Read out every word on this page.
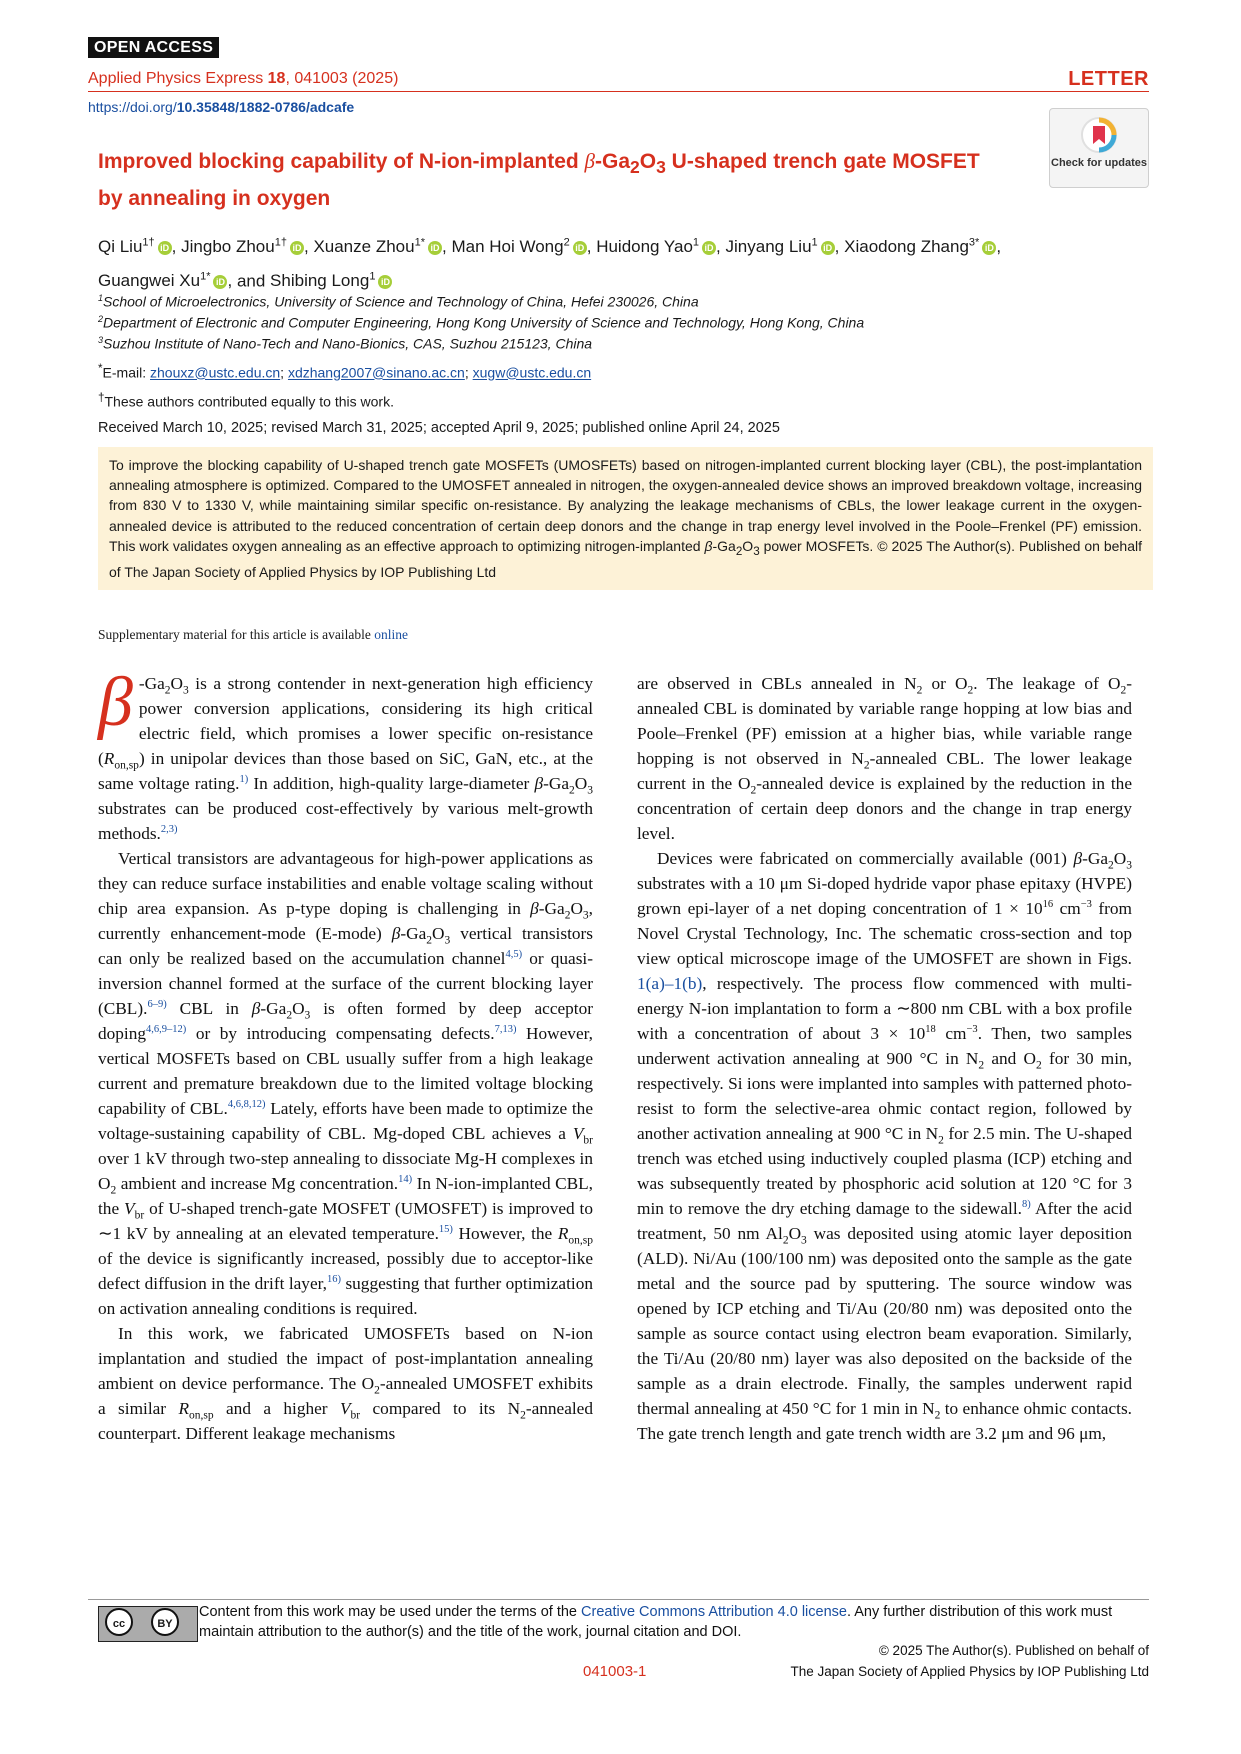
OPEN ACCESS
Applied Physics Express 18, 041003 (2025)	LETTER
https://doi.org/10.35848/1882-0786/adcafe
Check for updates
Improved blocking capability of N-ion-implanted $\beta-Ga_2O_3$ U-shaped trench gate MOSFET by annealing in oxygen
Qi Liu$^{1\dagger}$ iD , Jingbo Zhou$^{1\dagger}$ iD , Xuanze Zhou$^{1*}$ iD , Man Hoi Wong$^2$ iD , Huidong Yao$^1$ iD , Jinyang Liu$^1$ iD , Xiaodong Zhang$^{3*}$ iD ,
Guangwei $Xu^{1*}$ iD , and Shibing Long$^1$ iD
$^1$School of Microelectronics, University of Science and Technology of China, Hefei 230026, China
$^2$Department of Electronic and Computer Engineering, Hong Kong University of Science and Technology, Hong Kong, China
$^3$Suzhou Institute of Nano-Tech and Nano-Bionics, CAS, Suzhou 215123, China
*E-mail: zhouxz@ustc.edu.cn; xdzhang2007@sinano.ac.cn; xugw@ustc.edu.cn
†These authors contributed equally to this work.
Received March 10, 2025; revised March 31, 2025; accepted April 9, 2025; published online April 24, 2025
To improve the blocking capability of U-shaped trench gate MOSFETs (UMOSFETs) based on nitrogen-implanted current blocking layer (CBL), the post-implantation annealing atmosphere is optimized. Compared to the UMOSFET annealed in nitrogen, the oxygen-annealed device shows an improved breakdown voltage, increasing from 830 V to 1330 V, while maintaining similar specific on-resistance. By analyzing the leakage mechanisms of CBLs, the lower leakage current in the oxygen-annealed device is attributed to the reduced concentration of certain deep donors and the change in trap energy level involved in the Poole–Frenkel (PF) emission. This work validates oxygen annealing as an effective approach to optimizing nitrogen-implanted $\beta-Ga_2O_3$ power MOSFETs. © 2025 The Author(s). Published on behalf of The Japan Society of Applied Physics by IOP Publishing Ltd
Supplementary material for this article is available online

β $-Ga_2O_3$ is a strong contender in next-generation high efficiency power conversion applications, considering its high critical electric field, which promises a lower specific on-resistance $(R_{on,sp})$ in unipolar devices than those based on SiC, GaN, etc., at the same voltage rating.$^{1)}$ In addition, high-quality large-diameter $\beta-Ga_2O_3$ substrates can be produced cost-effectively by various melt-growth methods.$^{2,3)}$

Vertical transistors are advantageous for high-power applications as they can reduce surface instabilities and enable voltage scaling without chip area expansion. As p-type doping is challenging in $\beta-Ga_2O_3$, currently enhancement-mode (E-mode) $\beta-Ga_2O_3$ vertical transistors can only be realized based on the accumulation channel$^{4,5)}$ or quasi-inversion channel formed at the surface of the current blocking layer (CBL).$^{6-9)}$ CBL in $\beta-Ga_2O_3$ is often formed by deep acceptor doping$^{4,6,9-12)}$ or by introducing compensating defects.$^{7,13)}$ However, vertical MOSFETs based on CBL usually suffer from a high leakage current and premature breakdown due to the limited voltage blocking capability of CBL.$^{4,6,8,12)}$ Lately, efforts have been made to optimize the voltage-sustaining capability of CBL. Mg-doped CBL achieves a $V_{br}$ over 1 kV through two-step annealing to dissociate Mg-H complexes in $O_2$ ambient and increase Mg concentration.$^{14)}$ In N-ion-implanted CBL, the $V_{br}$ of U-shaped trench-gate MOSFET (UMOSFET) is improved to ∼1 kV by annealing at an elevated temperature.$^{15)}$ However, the $R_{on,sp}$ of the device is significantly increased, possibly due to acceptor-like defect diffusion in the drift layer,$^{16)}$ suggesting that further optimization on activation annealing conditions is required.

In this work, we fabricated UMOSFETs based on N-ion implantation and studied the impact of post-implantation annealing ambient on device performance. The $O_2$-annealed UMOSFET exhibits a similar $R_{on,sp}$ and a higher $V_{br}$ compared to its $N_2$-annealed counterpart. Different leakage mechanisms

are observed in CBLs annealed in $N_2$ or $O_2$. The leakage of $O_2$-annealed CBL is dominated by variable range hopping at low bias and Poole–Frenkel (PF) emission at a higher bias, while variable range hopping is not observed in $N_2$-annealed CBL. The lower leakage current in the $O_2$-annealed device is explained by the reduction in the concentration of certain deep donors and the change in trap energy level.

Devices were fabricated on commercially available (001) $\beta-Ga_2O_3$ substrates with a 10 μm Si-doped hydride vapor phase epitaxy (HVPE) grown epi-layer of a net doping concentration of $1 \times 10^{16}$ $cm^{-3}$ from Novel Crystal Technology, Inc. The schematic cross-section and top view optical microscope image of the UMOSFET are shown in Figs. 1(a)–1(b), respectively. The process flow commenced with multi-energy N-ion implantation to form a ∼800 nm CBL with a box profile with a concentration of about $3 \times 10^{18}$ $cm^{-3}$. Then, two samples underwent activation annealing at 900 °C in $N_2$ and $O_2$ for 30 min, respectively. Si ions were implanted into samples with patterned photo-resist to form the selective-area ohmic contact region, followed by another activation annealing at 900 °C in $N_2$ for 2.5 min. The U-shaped trench was etched using inductively coupled plasma (ICP) etching and was subsequently treated by phosphoric acid solution at 120 °C for 3 min to remove the dry etching damage to the sidewall.$^{8)}$ After the acid treatment, 50 nm $Al_2O_3$ was deposited using atomic layer deposition (ALD). Ni/Au (100/100 nm) was deposited onto the sample as the gate metal and the source pad by sputtering. The source window was opened by ICP etching and Ti/Au (20/80 nm) was deposited onto the sample as source contact using electron beam evaporation. Similarly, the Ti/Au (20/80 nm) layer was also deposited on the backside of the sample as a drain electrode. Finally, the samples underwent rapid thermal annealing at 450 °C for 1 min in $N_2$ to enhance ohmic contacts. The gate trench length and gate trench width are 3.2 μm and 96 μm,

cc	BY
Content from this work may be used under the terms of the Creative Commons Attribution 4.0 license. Any further distribution of this work must maintain attribution to the author(s) and the title of the work, journal citation and DOI.
© 2025 The Author(s). Published on behalf of
041003-1	The Japan Society of Applied Physics by IOP Publishing Ltd
